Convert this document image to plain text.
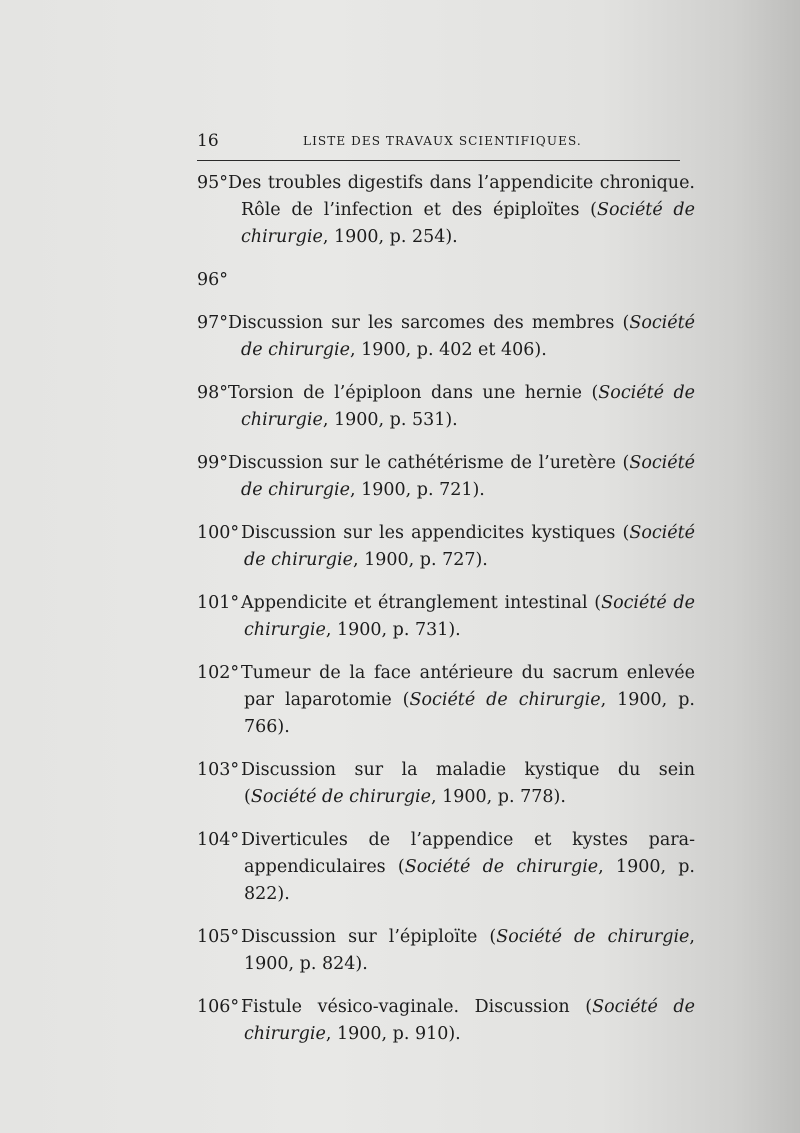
16	LISTE DES TRAVAUX SCIENTIFIQUES.
95° Des troubles digestifs dans l’appendicite chronique. Rôle de l’infection et des épiploïtes (Société de chirurgie, 1900, p. 254).
96°
97° Discussion sur les sarcomes des membres (Société de chirurgie, 1900, p. 402 et 406).
98° Torsion de l’épiploon dans une hernie (Société de chirurgie, 1900, p. 531).
99° Discussion sur le cathétérisme de l’uretère (Société de chirurgie, 1900, p. 721).
100° Discussion sur les appendicites kystiques (Société de chirurgie, 1900, p. 727).
101° Appendicite et étranglement intestinal (Société de chirurgie, 1900, p. 731).
102° Tumeur de la face antérieure du sacrum enlevée par laparotomie (Société de chirurgie, 1900, p. 766).
103° Discussion sur la maladie kystique du sein (Société de chirurgie, 1900, p. 778).
104° Diverticules de l’appendice et kystes para-appendiculaires (Société de chirurgie, 1900, p. 822).
105° Discussion sur l’épiploïte (Société de chirurgie, 1900, p. 824).
106° Fistule vésico-vaginale. Discussion (Société de chirurgie, 1900, p. 910).
